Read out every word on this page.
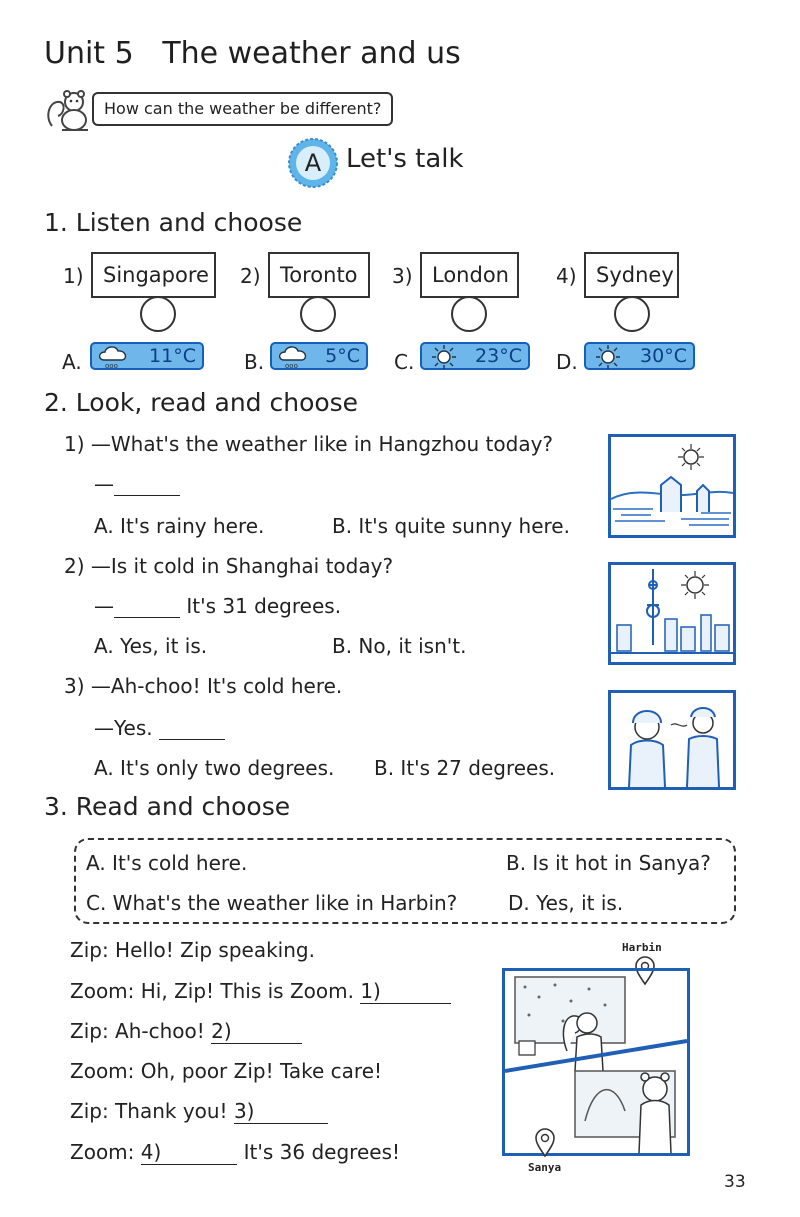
Unit 5 The weather and us
How can the weather be different?
A Let's talk
1. Listen and choose
1) Singapore	2) Toronto	3) London	4) Sydney
A.	ooo 11°C B.	ooo 5°C C.	23°C D.	30°C
2. Look, read and choose
1) —What's the weather like in Hangzhou today?
—
A. It's rainy here.	B. It's quite sunny here.
2) —Is it cold in Shanghai today?
—	It's 31 degrees.
A. Yes, it is.	B. No, it isn't.
3) —Ah-choo! It's cold here.
—Yes.
A. It's only two degrees. B. It's 27 degrees.
3. Read and choose
A. It's cold here.	B. Is it hot in Sanya?
C. What's the weather like in Harbin?	D. Yes, it is.
Zip: Hello! Zip speaking.
Zoom: Hi, Zip! This is Zoom. 1)
Zip: Ah-choo! 2)
Zoom: Oh, poor Zip! Take care!
Zip: Thank you! 3)
Zoom: 4)	It's 36 degrees!
Harbin
Sanya
33
